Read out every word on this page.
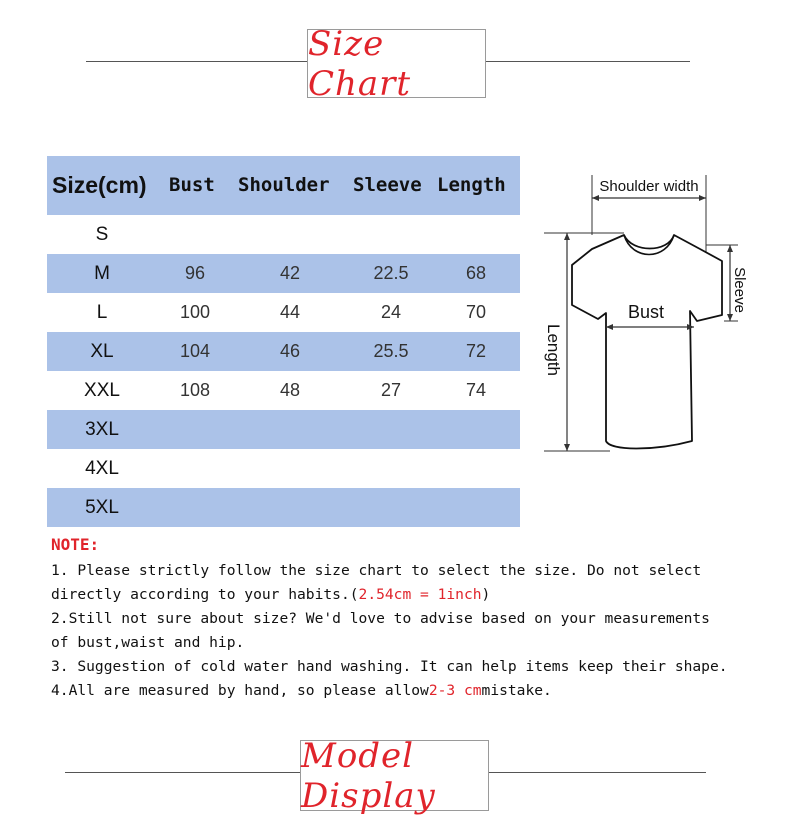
Size Chart
Size(cm) Bust Shoulder Sleeve Length
S
M	96	42	22.5	68
L	100	44	24	70
XL	104	46	25.5	72
XXL	108	48	27	74
3XL
4XL
5XL
Shoulder width
Bust
Length
Sleeve
NOTE:
1. Please strictly follow the size chart to select the size. Do not select
directly according to your habits.(2.54cm = 1inch)
2.Still not sure about size? We'd love to advise based on your measurements
of bust,waist and hip.
3. Suggestion of cold water hand washing. It can help items keep their shape.
4.All are measured by hand, so please allow2-3 cmmistake.
Model Display
